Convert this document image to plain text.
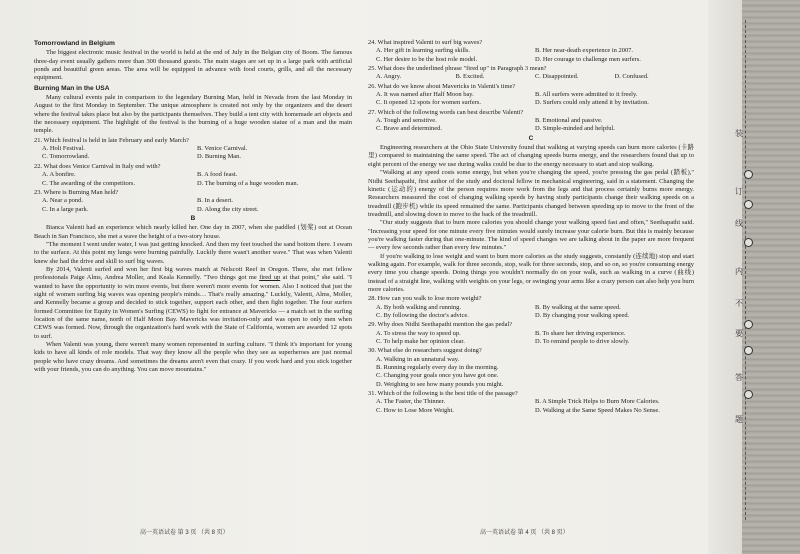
Tomorrowland in Belgium

The biggest electronic music festival in the world is held at the end of July in the Belgian city of Boom. The famous three-day event usually gathers more than 300 thousand guests. The main stages are set up in a large park with artificial ponds and beautiful green areas. The area will be equipped in advance with food courts, grills, and all the necessary equipment.

Burning Man in the USA

Many cultural events pale in comparison to the legendary Burning Man, held in Nevada from the last Monday in August to the first Monday in September. The unique atmosphere is created not only by the organizers and the desert where the festival takes place but also by the participants themselves. They build a tent city with homemade art objects and the necessary equipment. The highlight of the festival is the burning of a huge wooden statue of a man and the main temple.

21. Which festival is held in late February and early March?
A. Holi Festival.	B. Venice Carnival.
C. Tomorrowland.	D. Burning Man.
22. What does Venice Carnival in Italy end with?
A. A bonfire.	B. A food feast.
C. The awarding of the competitors.	D. The burning of a huge wooden man.
23. Where is Burning Man held?
A. Near a pond.	B. In a desert.
C. In a large park.	D. Along the city street.
B

Bianca Valenti had an experience which nearly killed her. One day in 2007, when she paddled (划桨) out at Ocean Beach in San Francisco, she met a wave the height of a two-story house.

"The moment I went under water, I was just getting knocked. And then my feet touched the sand bottom there. I swam to the surface. At this point my lungs were burning painfully. Luckily there wasn't another wave." That was when Valenti knew she had the drive and skill to surf big waves.

By 2014, Valenti surfed and won her first big waves match at Nelscott Reef in Oregon. There, she met fellow professionals Paige Alms, Andrea Moller, and Keala Kennelly. "Two things got me fired up at that point," she said. "I wanted to have the opportunity to win more events, but there weren't more events for women. Also I noticed that just the sight of women surfing big waves was opening people's minds… That's really amazing." Luckily, Valenti, Alms, Moller, and Kennelly became a group and decided to stick together, support each other, and then fight together. The four surfers formed Committee for Equity in Women's Surfing (CEWS) to fight for entrance at Mavericks — a match set in the surfing location of the same name, north of Half Moon Bay. Mavericks was invitation-only and was open to only men when CEWS was formed. Now, through the organization's hard work with the State of California, women are awarded 12 spots to surf.

When Valenti was young, there weren't many women represented in surfing culture. "I think it's important for young kids to have all kinds of role models. That way they know all the people who they see as superheroes are just normal people who have crazy dreams. And sometimes the dreams aren't even that crazy. If you work hard and you stick together with your friends, you can do anything. You can move mountains."

24. What inspired Valenti to surf big waves?
A. Her gift in learning surfing skills.	B. Her near-death experience in 2007.
C. Her desire to be the host role model.	D. Her courage to challenge men surfers.
25. What does the underlined phrase "fired up" in Paragraph 3 mean?
A. Angry.	B. Excited.	C. Disappointed.	D. Confused.
26. What do we know about Mavericks in Valenti's time?
A. It was named after Half Moon bay.	B. All surfers were admitted to it freely.
C. It opened 12 spots for women surfers.	D. Surfers could only attend it by invitation.
27. Which of the following words can best describe Valenti?
A. Tough and sensitive.	B. Emotional and passive.
C. Brave and determined.	D. Simple-minded and helpful.
C

Engineering researchers at the Ohio State University found that walking at varying speeds can burn more calories (卡路里) compared to maintaining the same speed. The act of changing speeds burns energy, and the researchers found that up to eight percent of the energy we use during walks could be due to the energy necessary to start and stop walking.

"Walking at any speed costs some energy, but when you're changing the speed, you're pressing the gas pedal (踏板)," Nidhi Seethapathi, first author of the study and doctoral fellow in mechanical engineering, said in a statement. Changing the kinetic (运动的) energy of the person requires more work from the legs and that process certainly burns more energy. Researchers measured the cost of changing walking speeds by having study participants change their walking speeds on a treadmill (跑步机) while its speed remained the same. Participants changed between speeding up to move to the front of the treadmill, and slowing down to move to the back of the treadmill.

"Our study suggests that to burn more calories you should change your walking speed fast and often," Seethapathi said. "Increasing your speed for one minute every five minutes would surely increase your calorie burn. But this is mainly because you're walking faster during that one-minute. The kind of speed changes we are talking about in the paper are more frequent — every few seconds rather than every few minutes."

If you're walking to lose weight and want to burn more calories as the study suggests, constantly (连续地) stop and start walking again. For example, walk for three seconds, stop, walk for three seconds, stop, and so on, so you're consuming energy every time you change speeds. Doing things you wouldn't normally do on your walk, such as walking in a curve (曲线) instead of a straight line, walking with weights on your legs, or swinging your arms like a crazy person can also help you burn more calories.

28. How can you walk to lose more weight?
A. By both walking and running.	B. By walking at the same speed.
C. By following the doctor's advice.	D. By changing your walking speed.
29. Why does Nidhi Seethapathi mention the gas pedal?
A. To stress the way to speed up.	B. To share her driving experience.
C. To help make her opinion clear.	D. To remind people to drive slowly.
30. What else do researchers suggest doing?
A. Walking in an unnatural way.
B. Running regularly every day in the morning.
C. Changing your goals once you have got one.
D. Weighing to see how many pounds you might.
31. Which of the following is the best title of the passage?
A. The Faster, the Thinner.	B. A Simple Trick Helps to Burn More Calories.
C. How to Lose More Weight.	D. Walking at the Same Speed Makes No Sense.
高一英语试卷 第 3 页 （共 8 页）	高一英语试卷 第 4 页 （共 8 页）
装
订
线
内
不
要
答
题
